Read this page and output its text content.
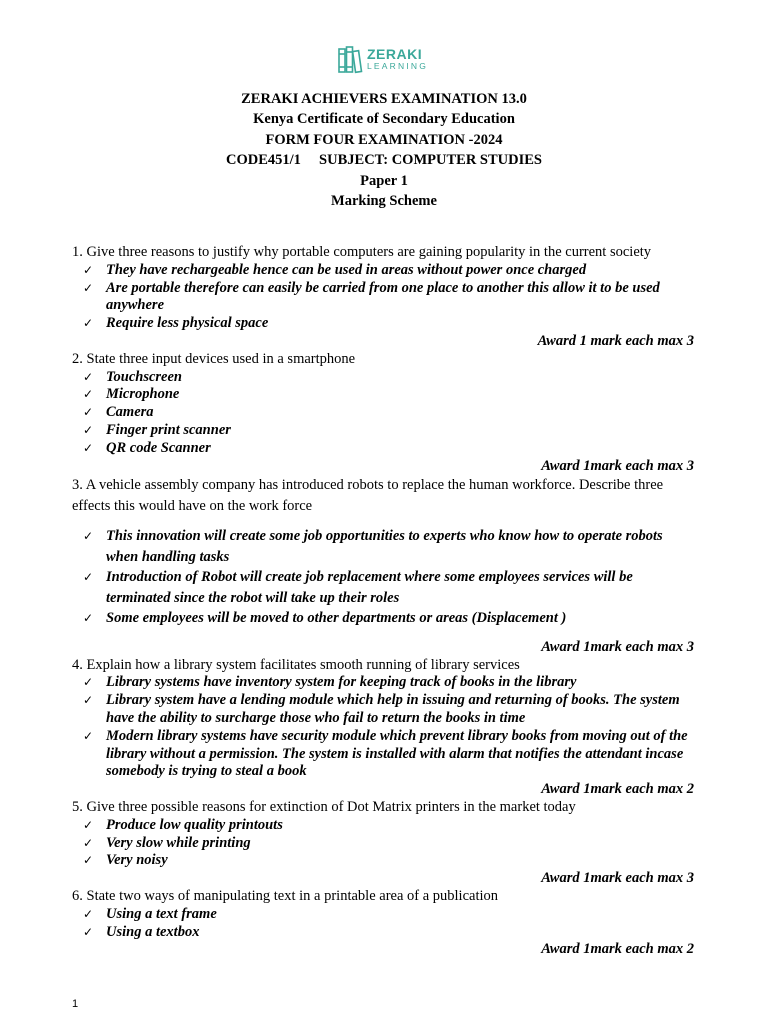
ZERAKI
LEARNING
ZERAKI ACHIEVERS EXAMINATION 13.0
Kenya Certificate of Secondary Education
FORM FOUR EXAMINATION -2024
CODE451/1     SUBJECT: COMPUTER STUDIES
Paper 1
Marking Scheme
1. Give three reasons to justify why portable computers are gaining popularity in the current society
✓ They have rechargeable hence can be used in areas without power once charged
✓ Are portable therefore can easily be carried from one place to another this allow it to be used anywhere
✓ Require less physical space
Award 1 mark each max 3
2. State three input devices used in a smartphone
✓ Touchscreen
✓ Microphone
✓ Camera
✓ Finger print scanner
✓ QR code Scanner
Award 1mark each max 3
3. A vehicle assembly company has introduced robots to replace the human workforce. Describe three effects this would have on the work force
✓ This innovation will create some job opportunities to experts who know how to operate robots when handling tasks
✓ Introduction of Robot will create job replacement where some employees services will be terminated since the robot will take up their roles
✓ Some employees will be moved to other departments or areas (Displacement )
Award 1mark each max 3
4. Explain how a library system facilitates smooth running of library services
✓ Library systems have inventory system for keeping track of books in the library
✓ Library system have a lending module which help in issuing and returning of books. The system have the ability to surcharge those who fail to return the books in time
✓ Modern library systems have security module which prevent library books from moving out of the library without a permission. The system is installed with alarm that notifies the attendant incase somebody is trying to steal a book
Award 1mark each max 2
5. Give three possible reasons for extinction of Dot Matrix printers in the market today
✓ Produce low quality printouts
✓ Very slow while printing
✓ Very noisy
Award 1mark each max 3
6. State two ways of manipulating text in a printable area of a publication
✓ Using a text frame
✓ Using a textbox
Award 1mark each max 2
1
